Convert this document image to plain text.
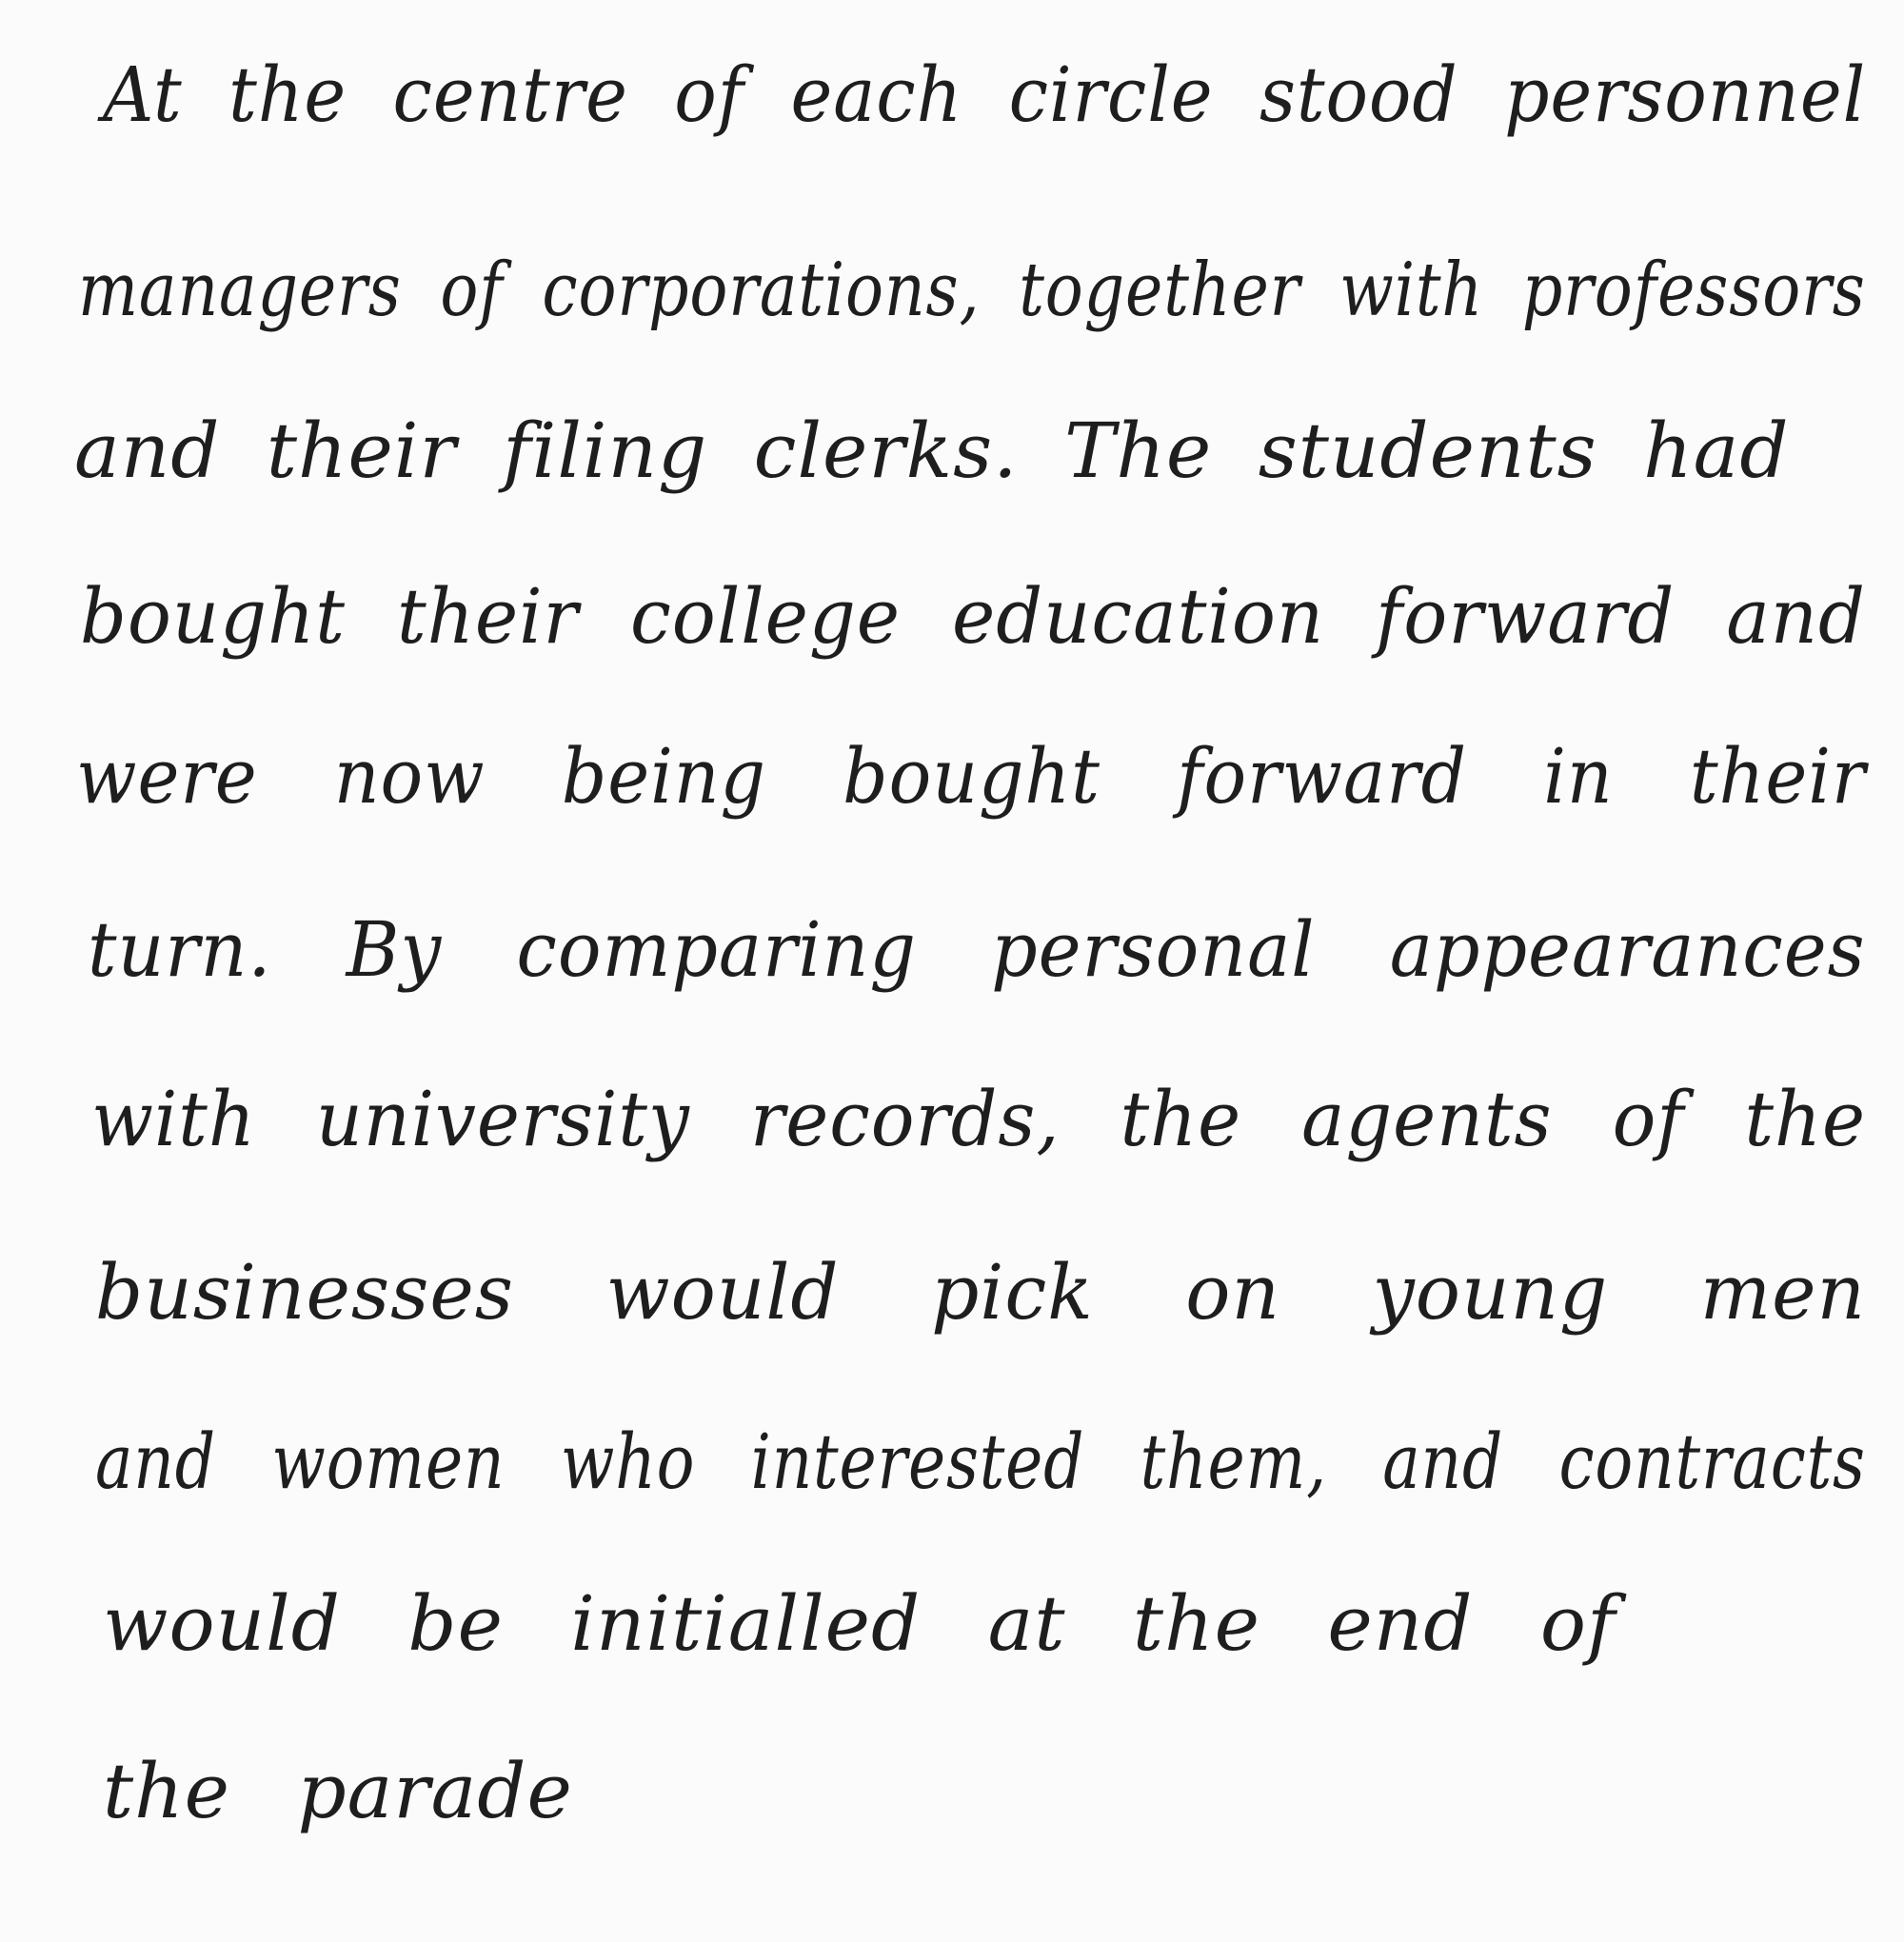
At the centre of each circle stood personnel

managers of corporations, together with professors

and their filing clerks. The students had

bought their college education forward and

were now being bought forward in their

turn. By comparing personal appearances

with university records, the agents of the

businesses would pick on young men

and women who interested them, and contracts

would be initialled at the end of

the parade
